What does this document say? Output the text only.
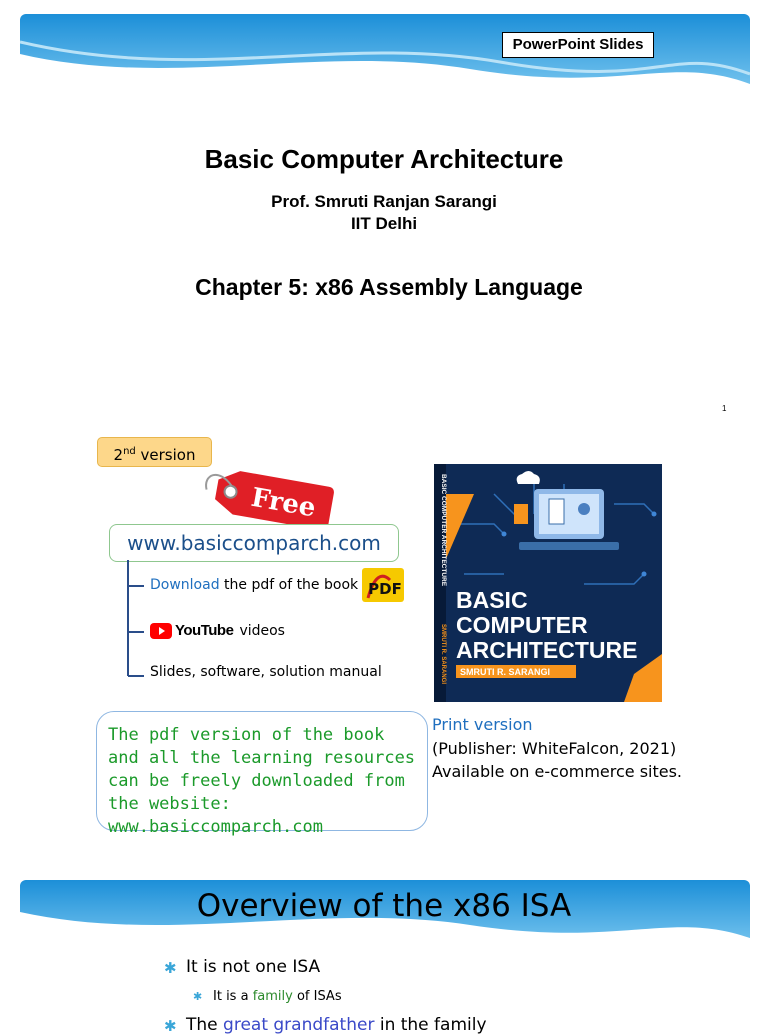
PowerPoint Slides
Basic Computer Architecture
Prof. Smruti Ranjan Sarangi
IIT Delhi
Chapter 5: x86 Assembly Language
1
2nd version
Free
www.basiccomparch.com
Download the pdf of the book PDF
YouTube videos
Slides, software, solution manual
The pdf version of the book and all the learning resources can be freely downloaded from the website: www.basiccomparch.com
BASIC COMPUTER ARCHITECTURE
SMRUTI R. SARANGI
BASIC
COMPUTER
ARCHITECTURE
SMRUTI R. SARANGI
Print version
(Publisher: WhiteFalcon, 2021)
Available on e-commerce sites.
Overview of the x86 ISA
✱ It is not one ISA
✱ It is a family of ISAs
✱ The great grandfather in the family
